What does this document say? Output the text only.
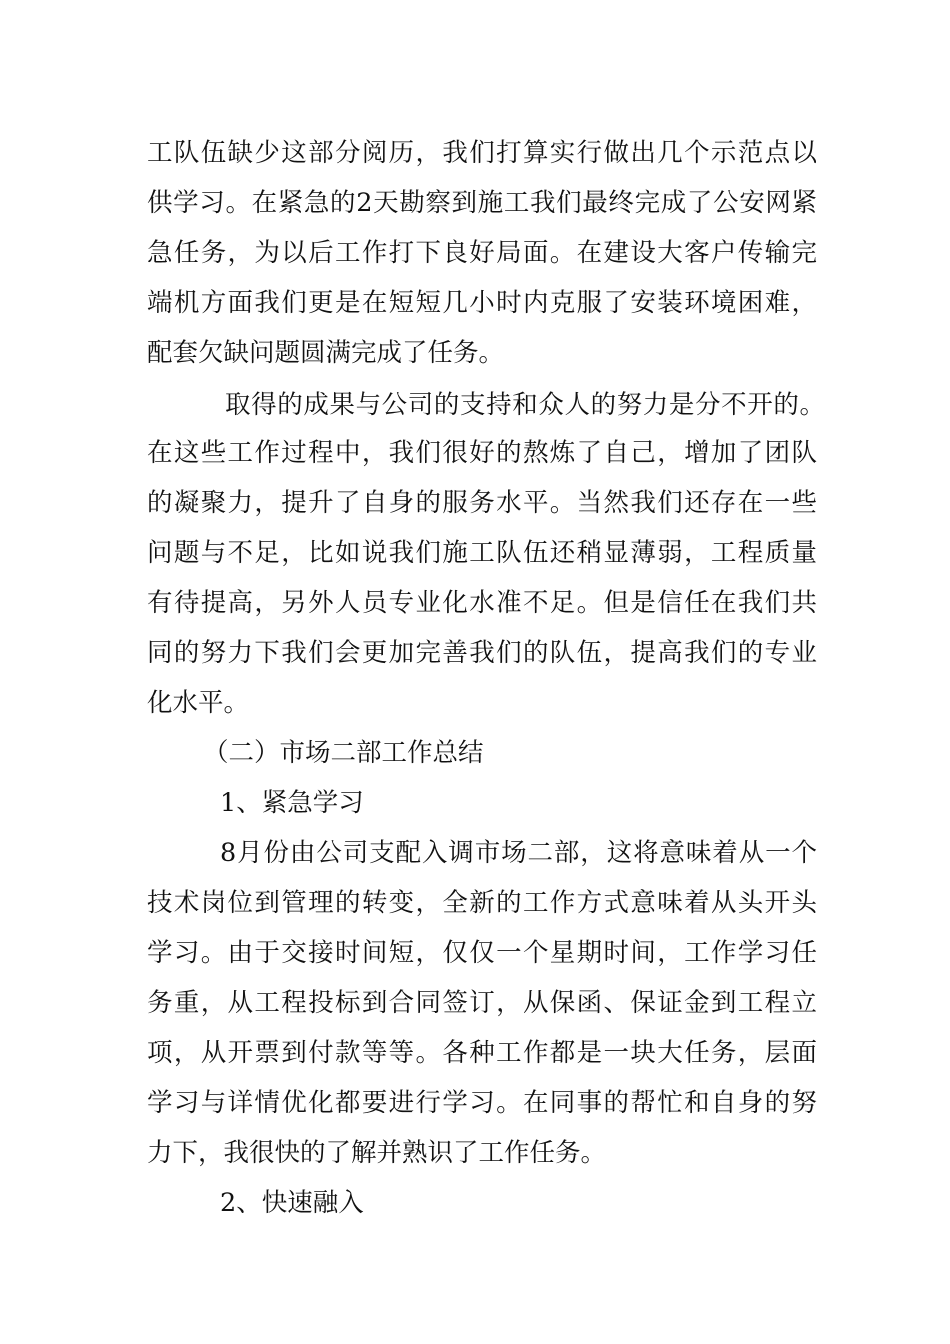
工队伍缺少这部分阅历，我们打算实行做出几个示范点以
供学习。在紧急的2天勘察到施工我们最终完成了公安网紧
急任务，为以后工作打下良好局面。在建设大客户传输完
端机方面我们更是在短短几小时内克服了安装环境困难，
配套欠缺问题圆满完成了任务。
取得的成果与公司的支持和众人的努力是分不开的。
在这些工作过程中，我们很好的熬炼了自己，增加了团队
的凝聚力，提升了自身的服务水平。当然我们还存在一些
问题与不足，比如说我们施工队伍还稍显薄弱，工程质量
有待提高，另外人员专业化水准不足。但是信任在我们共
同的努力下我们会更加完善我们的队伍，提高我们的专业
化水平。
（二）市场二部工作总结
1、紧急学习
8月份由公司支配入调市场二部，这将意味着从一个
技术岗位到管理的转变，全新的工作方式意味着从头开头
学习。由于交接时间短，仅仅一个星期时间，工作学习任
务重，从工程投标到合同签订，从保函、保证金到工程立
项，从开票到付款等等。各种工作都是一块大任务，层面
学习与详情优化都要进行学习。在同事的帮忙和自身的努
力下，我很快的了解并熟识了工作任务。
2、快速融入
